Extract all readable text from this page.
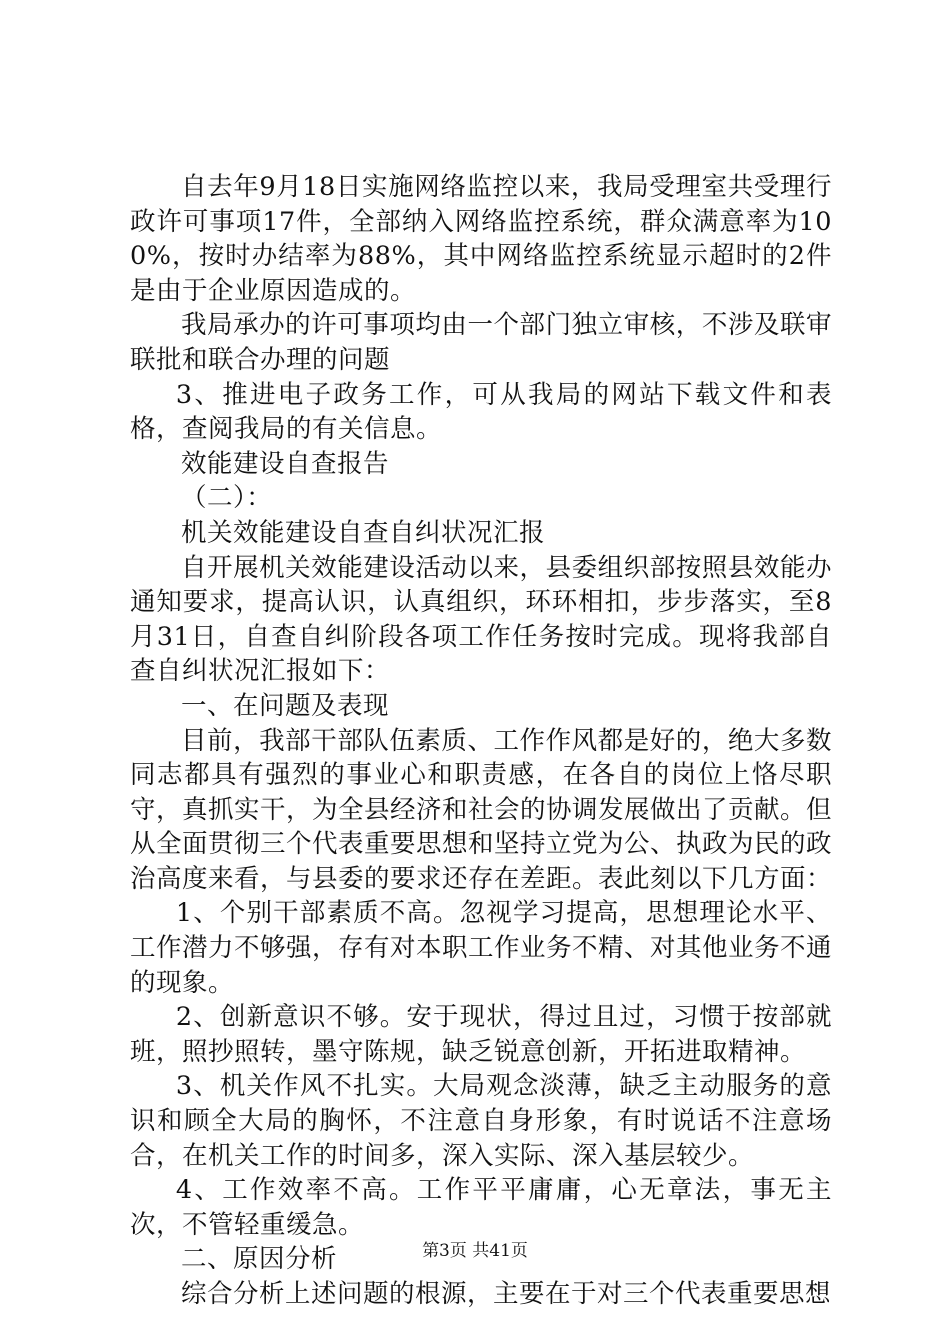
自去年9月18日实施网络监控以来，我局受理室共受理行政许可事项17件，全部纳入网络监控系统，群众满意率为100%，按时办结率为88%，其中网络监控系统显示超时的2件是由于企业原因造成的。

我局承办的许可事项均由一个部门独立审核，不涉及联审联批和联合办理的问题

3、推进电子政务工作，可从我局的网站下载文件和表格，查阅我局的有关信息。

效能建设自查报告

（二）：

机关效能建设自查自纠状况汇报

自开展机关效能建设活动以来，县委组织部按照县效能办通知要求，提高认识，认真组织，环环相扣，步步落实，至8月31日，自查自纠阶段各项工作任务按时完成。现将我部自查自纠状况汇报如下：

一、在问题及表现

目前，我部干部队伍素质、工作作风都是好的，绝大多数同志都具有强烈的事业心和职责感，在各自的岗位上恪尽职守，真抓实干，为全县经济和社会的协调发展做出了贡献。但从全面贯彻三个代表重要思想和坚持立党为公、执政为民的政治高度来看，与县委的要求还存在差距。表此刻以下几方面：

1、个别干部素质不高。忽视学习提高，思想理论水平、工作潜力不够强，存有对本职工作业务不精、对其他业务不通的现象。

2、创新意识不够。安于现状，得过且过，习惯于按部就班，照抄照转，墨守陈规，缺乏锐意创新，开拓进取精神。

3、机关作风不扎实。大局观念淡薄，缺乏主动服务的意识和顾全大局的胸怀，不注意自身形象，有时说话不注意场合，在机关工作的时间多，深入实际、深入基层较少。

4、工作效率不高。工作平平庸庸，心无章法，事无主次，不管轻重缓急。

二、原因分析

综合分析上述问题的根源，主要在于对三个代表重要思想

第3页 共41页
